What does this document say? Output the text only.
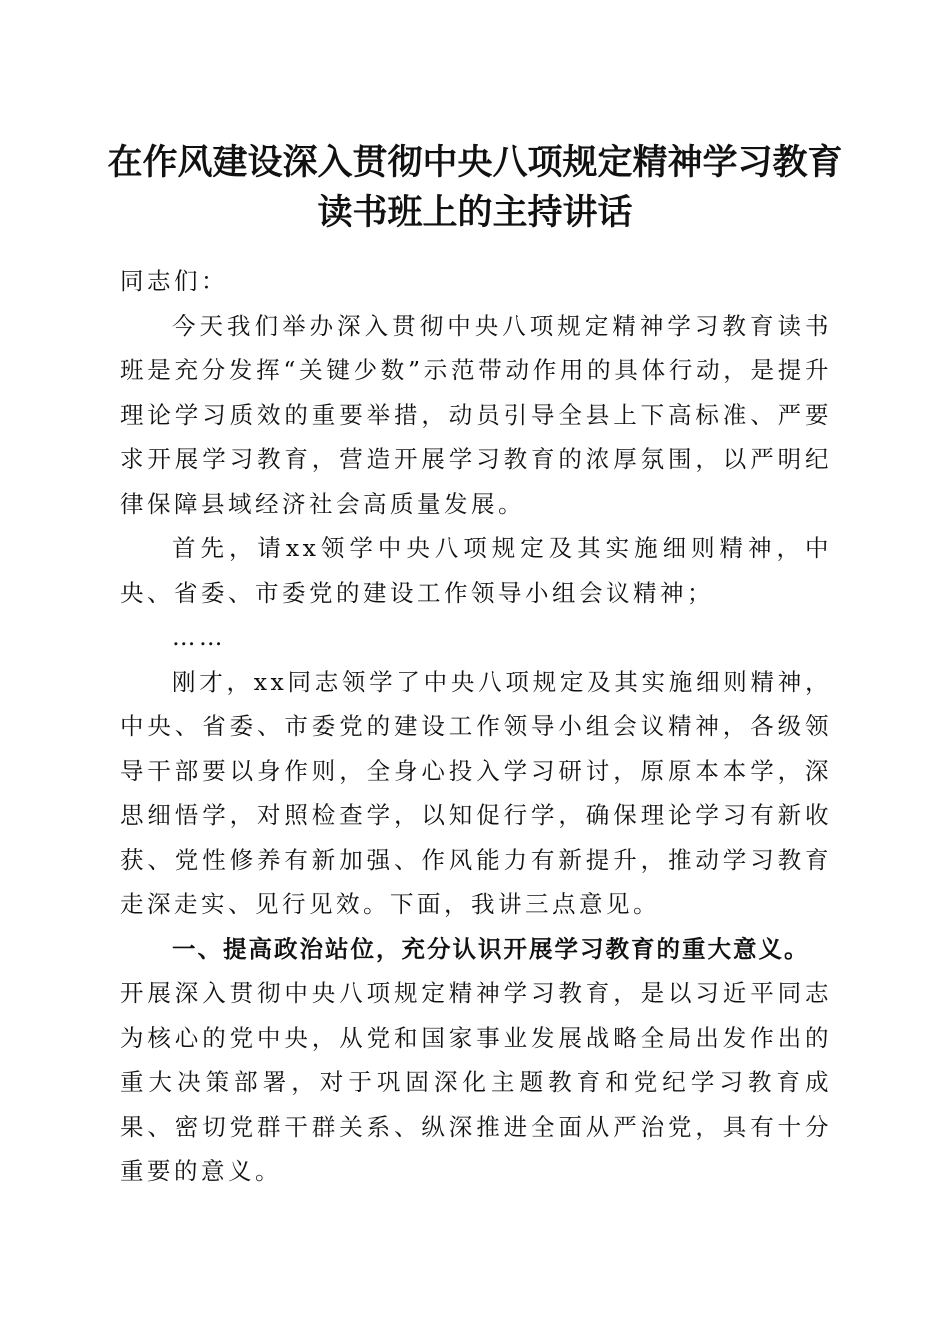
在作风建设深入贯彻中央八项规定精神学习教育读书班上的主持讲话

同志们：

今天我们举办深入贯彻中央八项规定精神学习教育读书班是充分发挥“关键少数”示范带动作用的具体行动，是提升理论学习质效的重要举措，动员引导全县上下高标准、严要求开展学习教育，营造开展学习教育的浓厚氛围，以严明纪律保障县域经济社会高质量发展。

首先，请xx领学中央八项规定及其实施细则精神，中央、省委、市委党的建设工作领导小组会议精神；

……

刚才，xx同志领学了中央八项规定及其实施细则精神，中央、省委、市委党的建设工作领导小组会议精神，各级领导干部要以身作则，全身心投入学习研讨，原原本本学，深思细悟学，对照检查学，以知促行学，确保理论学习有新收获、党性修养有新加强、作风能力有新提升，推动学习教育走深走实、见行见效。下面，我讲三点意见。

一、提高政治站位，充分认识开展学习教育的重大意义。

开展深入贯彻中央八项规定精神学习教育，是以习近平同志为核心的党中央，从党和国家事业发展战略全局出发作出的重大决策部署，对于巩固深化主题教育和党纪学习教育成果、密切党群干群关系、纵深推进全面从严治党，具有十分重要的意义。
